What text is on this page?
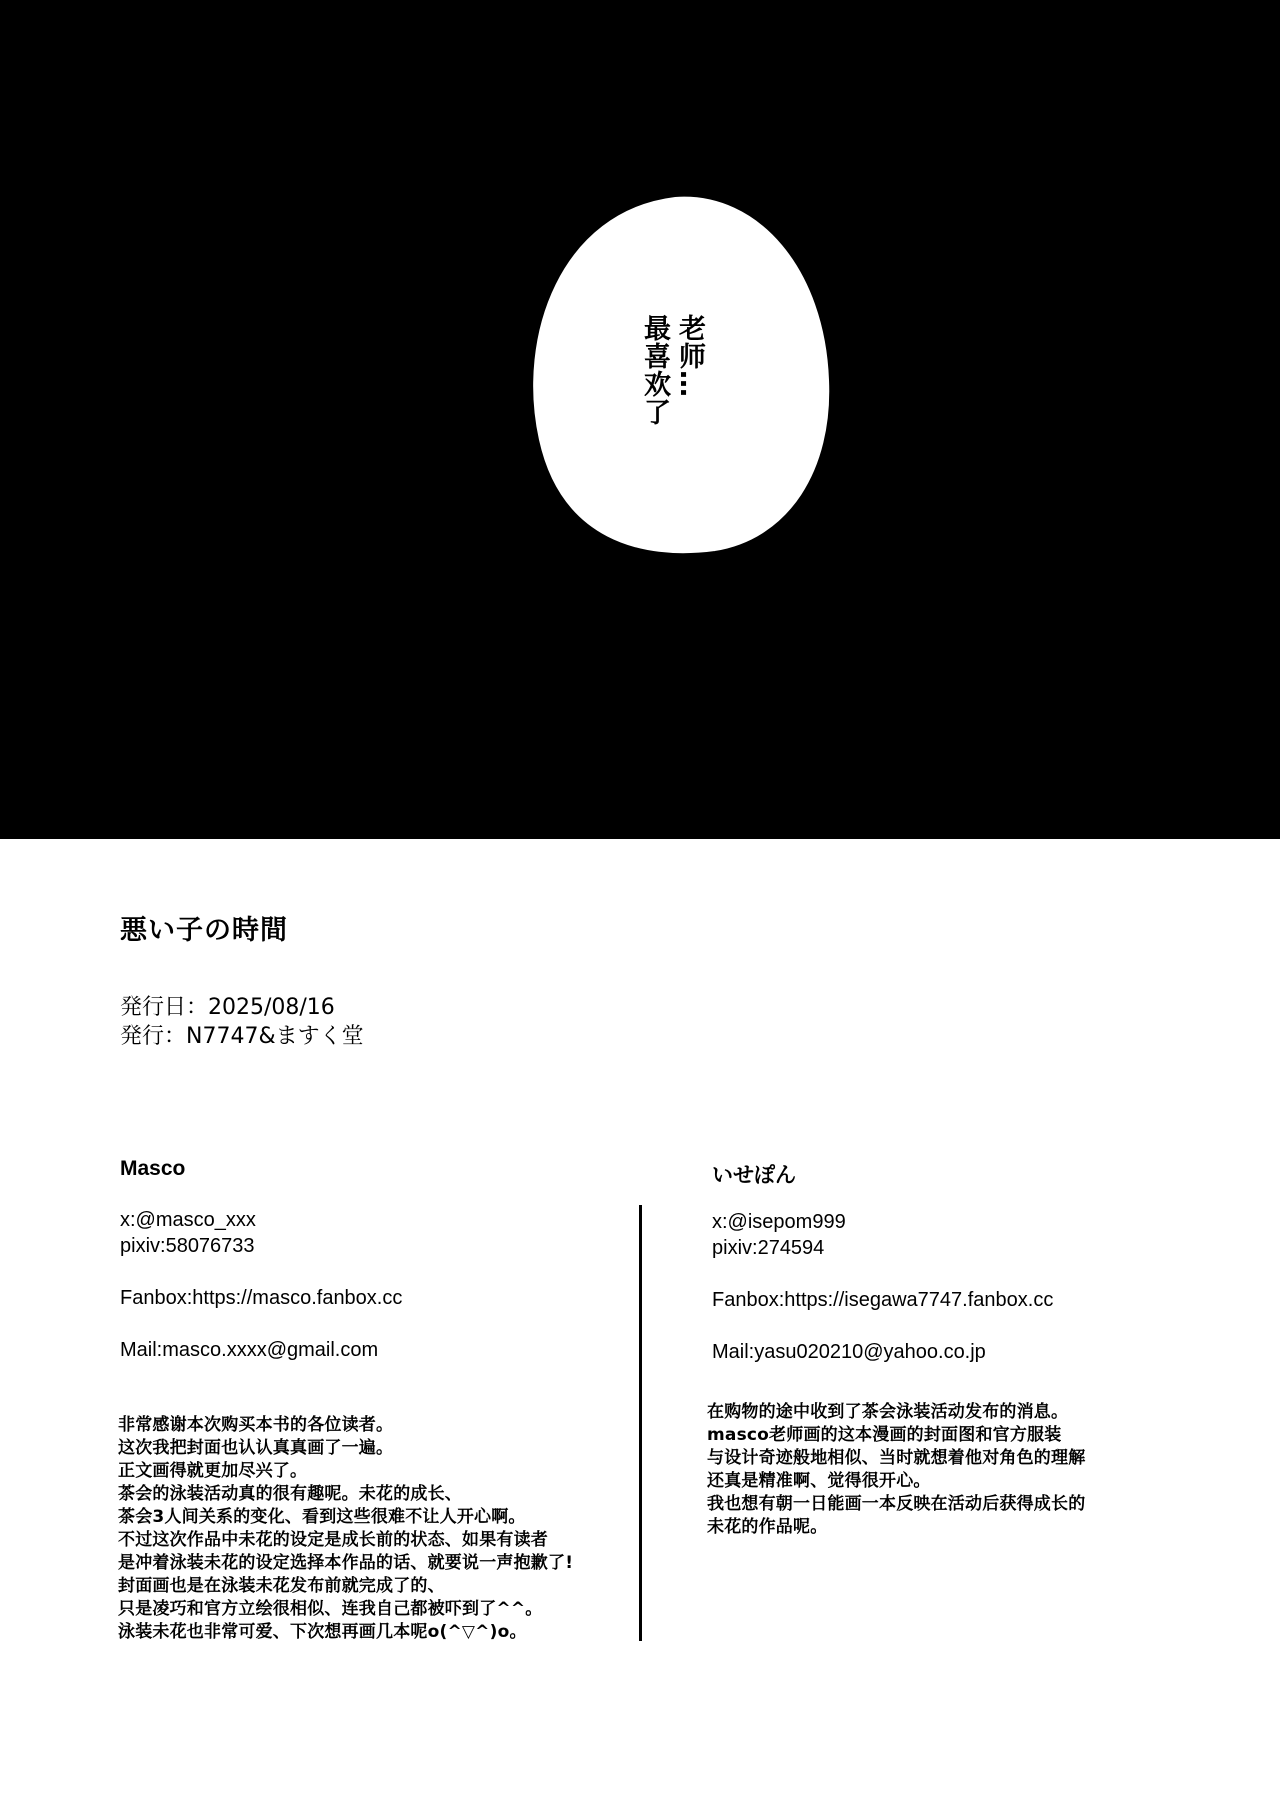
老师…
最喜欢了
悪い子の時間
発行日：2025/08/16
発行：N7747&ますく堂
Masco
x:@masco_xxx
pixiv:58076733
Fanbox:https://masco.fanbox.cc
Mail:masco.xxxx@gmail.com
非常感谢本次购买本书的各位读者。
这次我把封面也认认真真画了一遍。
正文画得就更加尽兴了。
茶会的泳装活动真的很有趣呢。未花的成长、
茶会3人间关系的变化、看到这些很难不让人开心啊。
不过这次作品中未花的设定是成长前的状态、如果有读者
是冲着泳装未花的设定选择本作品的话、就要说一声抱歉了!
封面画也是在泳装未花发布前就完成了的、
只是凌巧和官方立绘很相似、连我自己都被吓到了^^。
泳装未花也非常可爱、下次想再画几本呢o(^▽^)o。
いせぽん
x:@isepom999
pixiv:274594
Fanbox:https://isegawa7747.fanbox.cc
Mail:yasu020210@yahoo.co.jp
在购物的途中收到了茶会泳装活动发布的消息。
masco老师画的这本漫画的封面图和官方服装
与设计奇迹般地相似、当时就想着他对角色的理解
还真是精准啊、觉得很开心。
我也想有朝一日能画一本反映在活动后获得成长的
未花的作品呢。
